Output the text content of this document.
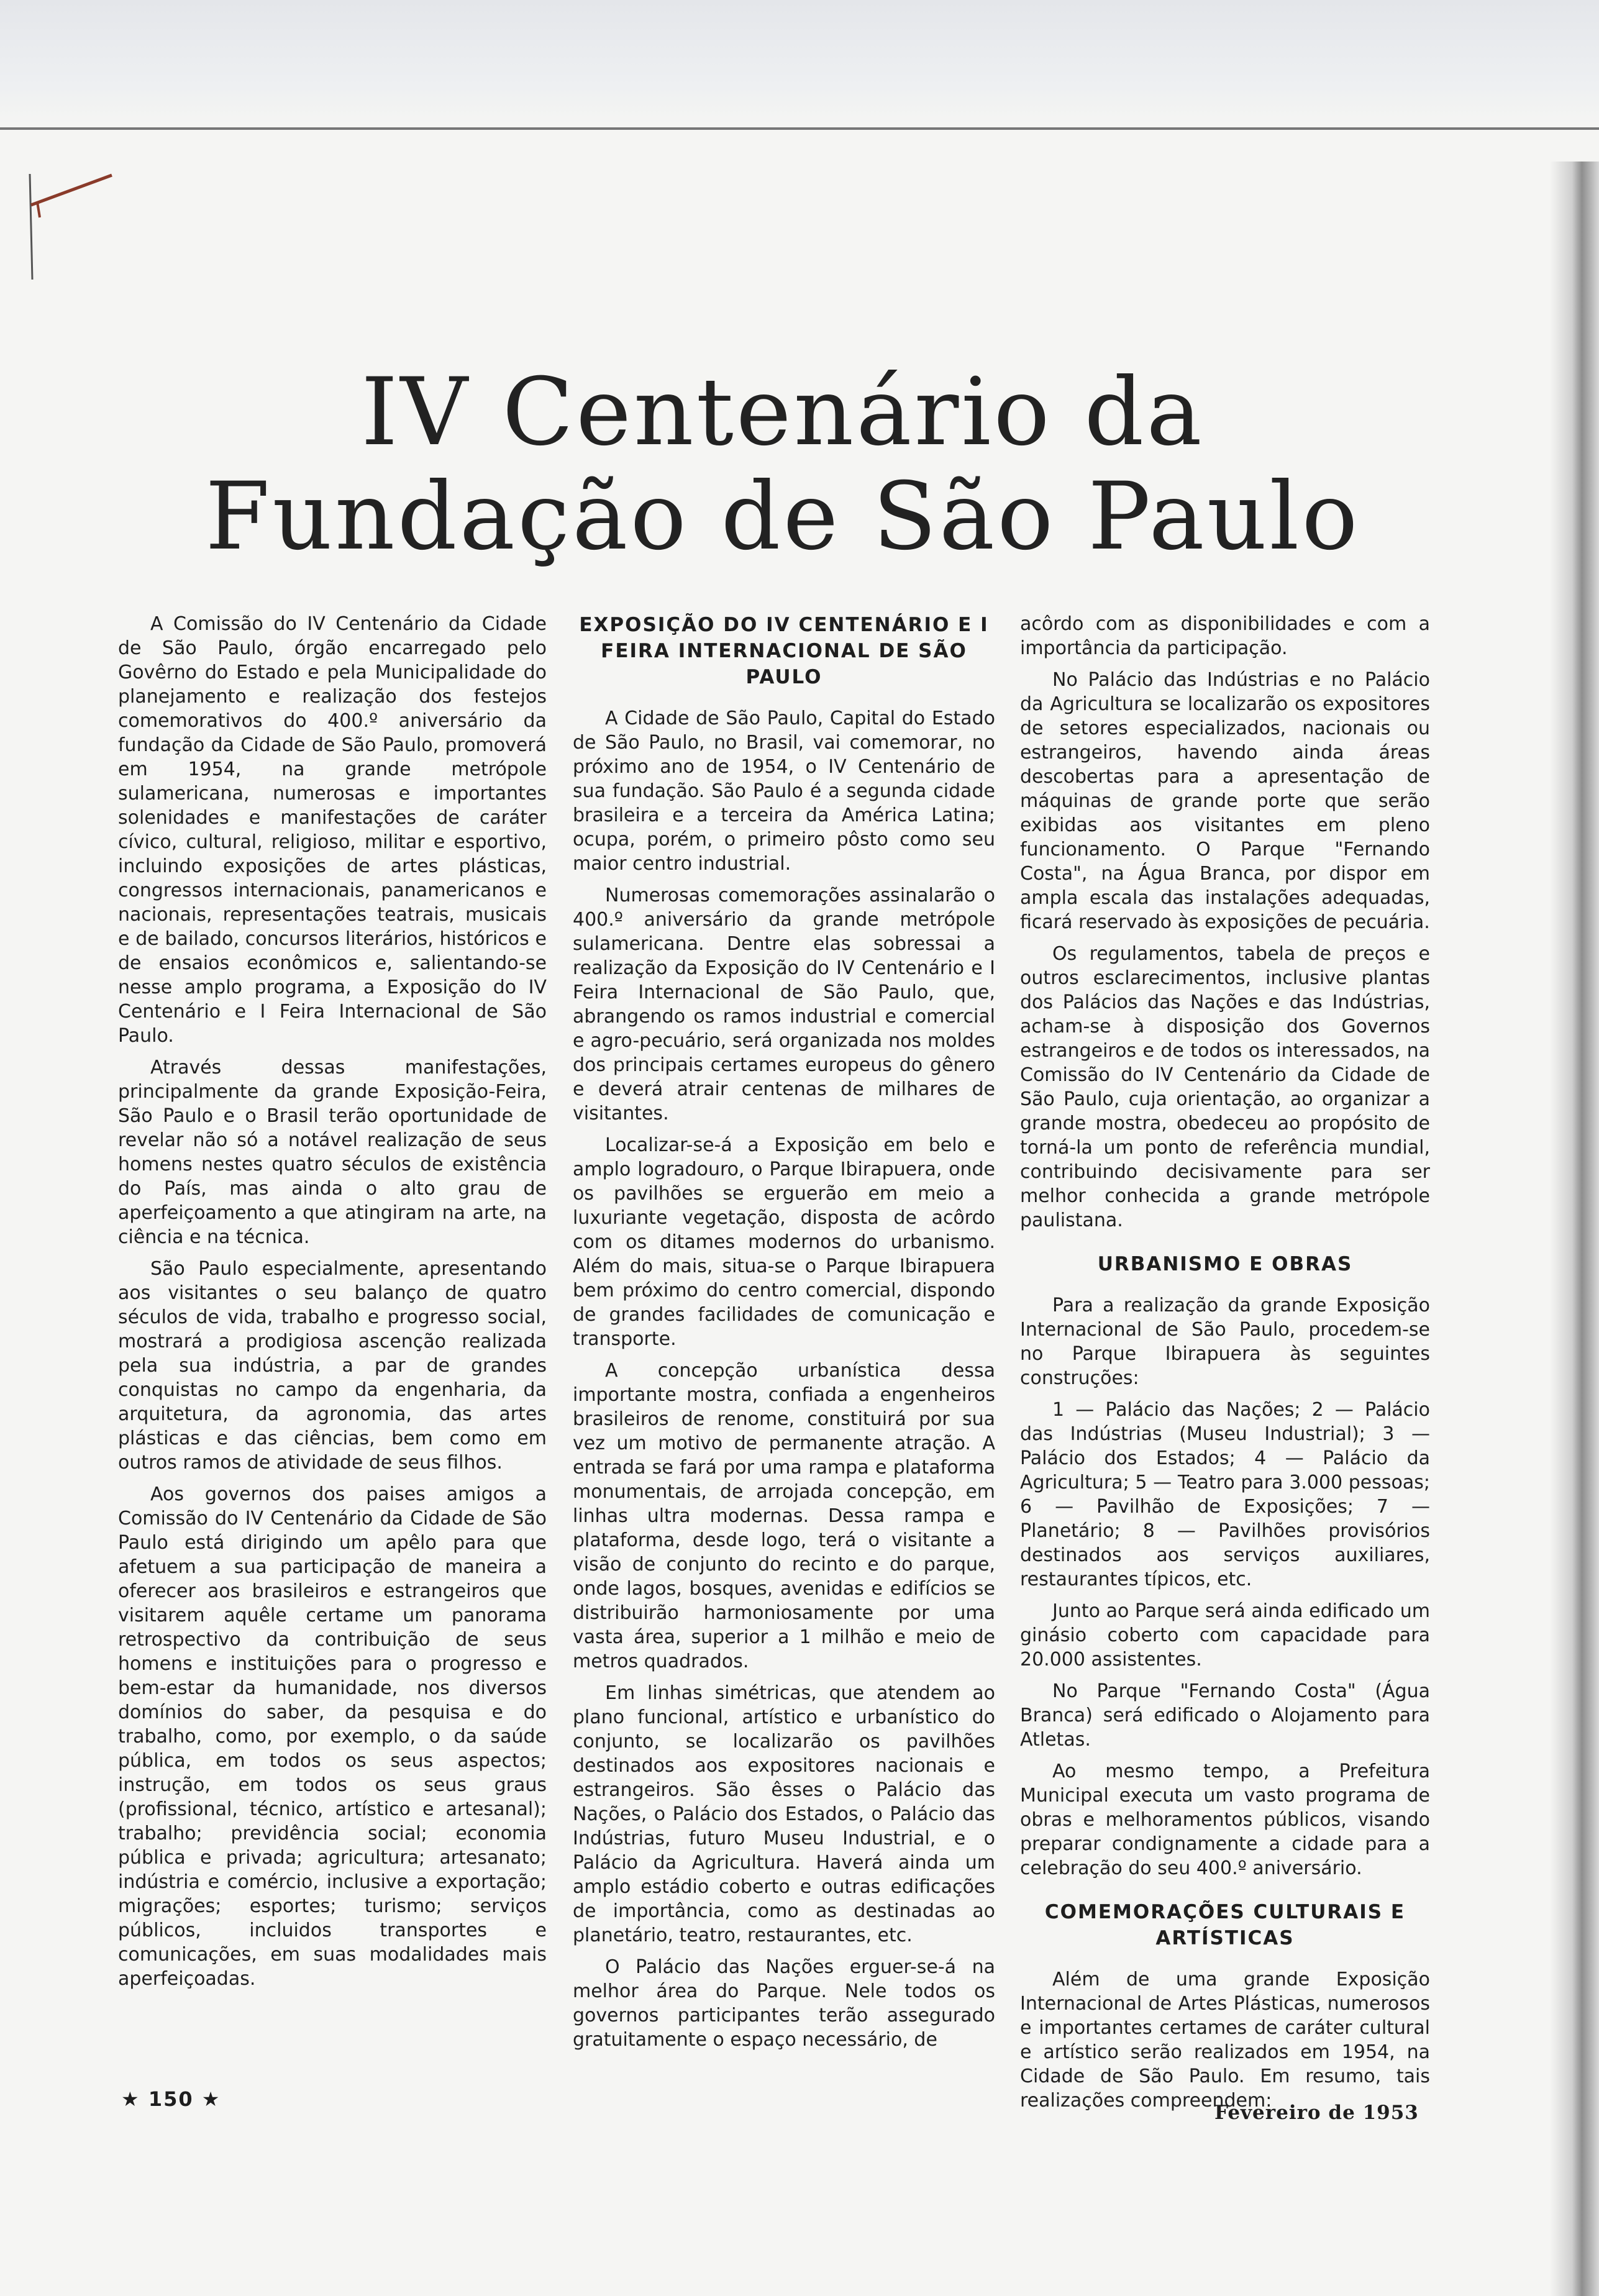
IV Centenário da Fundação de São Paulo

A Comissão do IV Centenário da Cidade de São Paulo, órgão encarregado pelo Govêrno do Estado e pela Municipalidade do planejamento e realização dos festejos comemorativos do 400.º aniversário da fundação da Cidade de São Paulo, promoverá em 1954, na grande metrópole sulamericana, numerosas e importantes solenidades e manifestações de caráter cívico, cultural, religioso, militar e esportivo, incluindo exposições de artes plásticas, congressos internacionais, panamericanos e nacionais, representações teatrais, musicais e de bailado, concursos literários, históricos e de ensaios econômicos e, salientando-se nesse amplo programa, a Exposição do IV Centenário e I Feira Internacional de São Paulo.

Através dessas manifestações, principalmente da grande Exposição-Feira, São Paulo e o Brasil terão oportunidade de revelar não só a notável realização de seus homens nestes quatro séculos de existência do País, mas ainda o alto grau de aperfeiçoamento a que atingiram na arte, na ciência e na técnica.

São Paulo especialmente, apresentando aos visitantes o seu balanço de quatro séculos de vida, trabalho e progresso social, mostrará a prodigiosa ascenção realizada pela sua indústria, a par de grandes conquistas no campo da engenharia, da arquitetura, da agronomia, das artes plásticas e das ciências, bem como em outros ramos de atividade de seus filhos.

Aos governos dos paises amigos a Comissão do IV Centenário da Cidade de São Paulo está dirigindo um apêlo para que afetuem a sua participação de maneira a oferecer aos brasileiros e estrangeiros que visitarem aquêle certame um panorama retrospectivo da contribuição de seus homens e instituições para o progresso e bem-estar da humanidade, nos diversos domínios do saber, da pesquisa e do trabalho, como, por exemplo, o da saúde pública, em todos os seus aspectos; instrução, em todos os seus graus (profissional, técnico, artístico e artesanal); trabalho; previdência social; economia pública e privada; agricultura; artesanato; indústria e comércio, inclusive a exportação; migrações; esportes; turismo; serviços públicos, incluidos transportes e comunicações, em suas modalidades mais aperfeiçoadas.

EXPOSIÇÃO DO IV CENTENÁRIO E I FEIRA INTERNACIONAL DE SÃO PAULO

A Cidade de São Paulo, Capital do Estado de São Paulo, no Brasil, vai comemorar, no próximo ano de 1954, o IV Centenário de sua fundação. São Paulo é a segunda cidade brasileira e a terceira da América Latina; ocupa, porém, o primeiro pôsto como seu maior centro industrial.

Numerosas comemorações assinalarão o 400.º aniversário da grande metrópole sulamericana. Dentre elas sobressai a realização da Exposição do IV Centenário e I Feira Internacional de São Paulo, que, abrangendo os ramos industrial e comercial e agro-pecuário, será organizada nos moldes dos principais certames europeus do gênero e deverá atrair centenas de milhares de visitantes.

Localizar-se-á a Exposição em belo e amplo logradouro, o Parque Ibirapuera, onde os pavilhões se erguerão em meio a luxuriante vegetação, disposta de acôrdo com os ditames modernos do urbanismo. Além do mais, situa-se o Parque Ibirapuera bem próximo do centro comercial, dispondo de grandes facilidades de comunicação e transporte.

A concepção urbanística dessa importante mostra, confiada a engenheiros brasileiros de renome, constituirá por sua vez um motivo de permanente atração. A entrada se fará por uma rampa e plataforma monumentais, de arrojada concepção, em linhas ultra modernas. Dessa rampa e plataforma, desde logo, terá o visitante a visão de conjunto do recinto e do parque, onde lagos, bosques, avenidas e edifícios se distribuirão harmoniosamente por uma vasta área, superior a 1 milhão e meio de metros quadrados.

Em linhas simétricas, que atendem ao plano funcional, artístico e urbanístico do conjunto, se localizarão os pavilhões destinados aos expositores nacionais e estrangeiros. São êsses o Palácio das Nações, o Palácio dos Estados, o Palácio das Indústrias, futuro Museu Industrial, e o Palácio da Agricultura. Haverá ainda um amplo estádio coberto e outras edificações de importância, como as destinadas ao planetário, teatro, restaurantes, etc.

O Palácio das Nações erguer-se-á na melhor área do Parque. Nele todos os governos participantes terão assegurado gratuitamente o espaço necessário, de

acôrdo com as disponibilidades e com a importância da participação.

No Palácio das Indústrias e no Palácio da Agricultura se localizarão os expositores de setores especializados, nacionais ou estrangeiros, havendo ainda áreas descobertas para a apresentação de máquinas de grande porte que serão exibidas aos visitantes em pleno funcionamento. O Parque "Fernando Costa", na Água Branca, por dispor em ampla escala das instalações adequadas, ficará reservado às exposições de pecuária.

Os regulamentos, tabela de preços e outros esclarecimentos, inclusive plantas dos Palácios das Nações e das Indústrias, acham-se à disposição dos Governos estrangeiros e de todos os interessados, na Comissão do IV Centenário da Cidade de São Paulo, cuja orientação, ao organizar a grande mostra, obedeceu ao propósito de torná-la um ponto de referência mundial, contribuindo decisivamente para ser melhor conhecida a grande metrópole paulistana.

URBANISMO E OBRAS

Para a realização da grande Exposição Internacional de São Paulo, procedem-se no Parque Ibirapuera às seguintes construções:

1 — Palácio das Nações; 2 — Palácio das Indústrias (Museu Industrial); 3 — Palácio dos Estados; 4 — Palácio da Agricultura; 5 — Teatro para 3.000 pessoas; 6 — Pavilhão de Exposições; 7 — Planetário; 8 — Pavilhões provisórios destinados aos serviços auxiliares, restaurantes típicos, etc.

Junto ao Parque será ainda edificado um ginásio coberto com capacidade para 20.000 assistentes.

No Parque "Fernando Costa" (Água Branca) será edificado o Alojamento para Atletas.

Ao mesmo tempo, a Prefeitura Municipal executa um vasto programa de obras e melhoramentos públicos, visando preparar condignamente a cidade para a celebração do seu 400.º aniversário.

COMEMORAÇÕES CULTURAIS E ARTÍSTICAS

Além de uma grande Exposição Internacional de Artes Plásticas, numerosos e importantes certames de caráter cultural e artístico serão realizados em 1954, na Cidade de São Paulo. Em resumo, tais realizações compreendem:

★ 150 ★
Fevereiro de 1953
